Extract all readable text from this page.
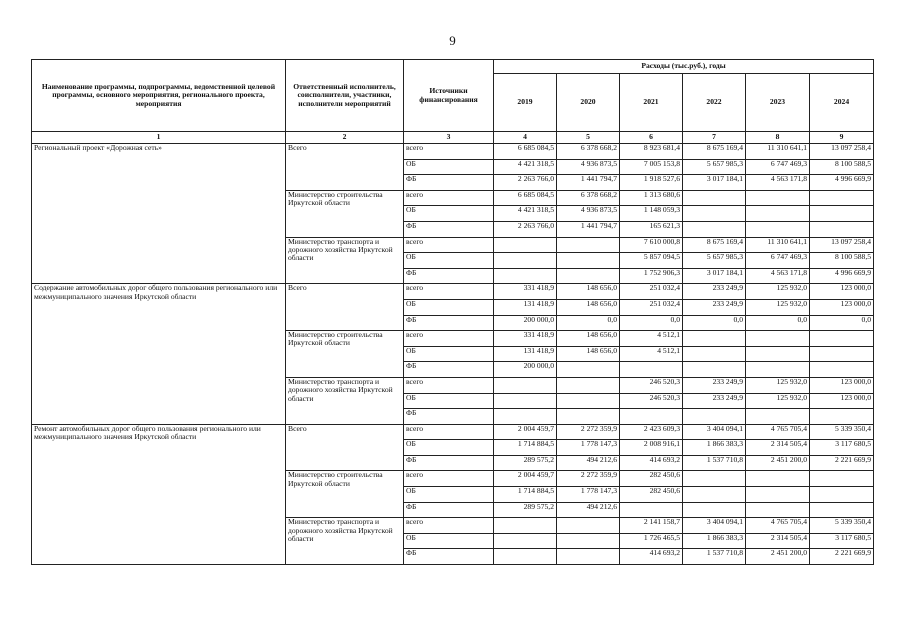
9
Наименование программы, подпрограммы, ведомственной целевой программы, основного мероприятия, регионального проекта, мероприятия	Ответственный исполнитель, соисполнители, участники, исполнители мероприятий	Источники финансирования	Расходы (тыс.руб.), годы					
			2019	2020	2021	2022	2023	2024
1	2	3	4	5	6	7	8	9
Региональный проект «Дорожная сеть»	Всего	всего	6 685 084,5	6 378 668,2	8 923 681,4	8 675 169,4	11 310 641,1	13 097 258,4
		ОБ	4 421 318,5	4 936 873,5	7 005 153,8	5 657 985,3	6 747 469,3	8 100 588,5
		ФБ	2 263 766,0	1 441 794,7	1 918 527,6	3 017 184,1	4 563 171,8	4 996 669,9
	Министерство строительства Иркутской области	всего	6 685 084,5	6 378 668,2	1 313 680,6			
		ОБ	4 421 318,5	4 936 873,5	1 148 059,3			
		ФБ	2 263 766,0	1 441 794,7	165 621,3			
	Министерство транспорта и дорожного хозяйства Иркутской области	всего			7 610 000,8	8 675 169,4	11 310 641,1	13 097 258,4
		ОБ			5 857 094,5	5 657 985,3	6 747 469,3	8 100 588,5
		ФБ			1 752 906,3	3 017 184,1	4 563 171,8	4 996 669,9
Содержание автомобильных дорог общего пользования регионального или межмуниципального значения Иркутской области	Всего	всего	331 418,9	148 656,0	251 032,4	233 249,9	125 932,0	123 000,0
		ОБ	131 418,9	148 656,0	251 032,4	233 249,9	125 932,0	123 000,0
		ФБ	200 000,0	0,0	0,0	0,0	0,0	0,0
	Министерство строительства Иркутской области	всего	331 418,9	148 656,0	4 512,1			
		ОБ	131 418,9	148 656,0	4 512,1			
		ФБ	200 000,0					
	Министерство транспорта и дорожного хозяйства Иркутской области	всего			246 520,3	233 249,9	125 932,0	123 000,0
		ОБ			246 520,3	233 249,9	125 932,0	123 000,0
		ФБ						
Ремонт автомобильных дорог общего пользования регионального или межмуниципального значения Иркутской области	Всего	всего	2 004 459,7	2 272 359,9	2 423 609,3	3 404 094,1	4 765 705,4	5 339 350,4
		ОБ	1 714 884,5	1 778 147,3	2 008 916,1	1 866 383,3	2 314 505,4	3 117 680,5
		ФБ	289 575,2	494 212,6	414 693,2	1 537 710,8	2 451 200,0	2 221 669,9
	Министерство строительства Иркутской области	всего	2 004 459,7	2 272 359,9	282 450,6			
		ОБ	1 714 884,5	1 778 147,3	282 450,6			
		ФБ	289 575,2	494 212,6				
	Министерство транспорта и дорожного хозяйства Иркутской области	всего			2 141 158,7	3 404 094,1	4 765 705,4	5 339 350,4
		ОБ			1 726 465,5	1 866 383,3	2 314 505,4	3 117 680,5
		ФБ			414 693,2	1 537 710,8	2 451 200,0	2 221 669,9
